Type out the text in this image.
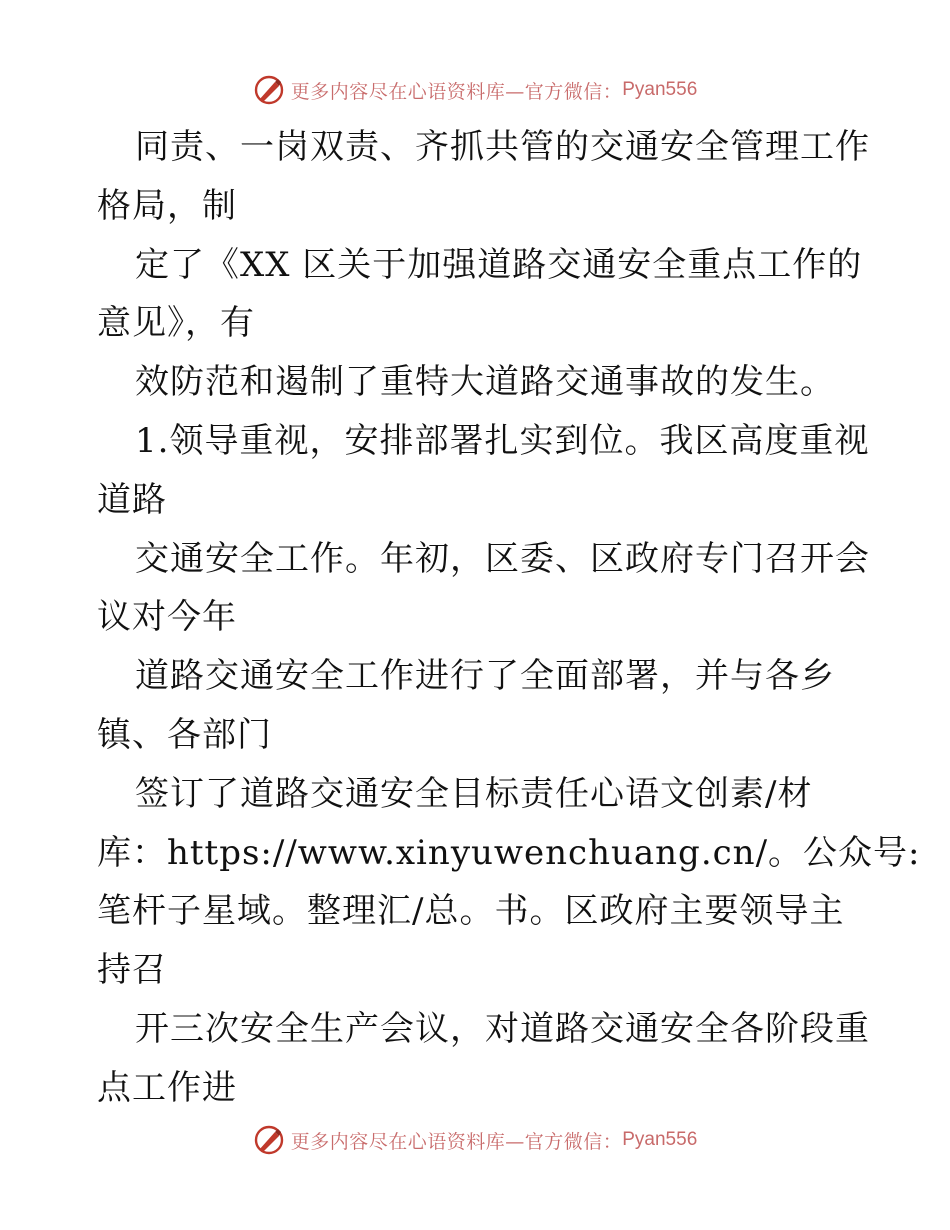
更多内容尽在心语资料库—官方微信： Pyan556
同责、一岗双责、齐抓共管的交通安全管理工作
格局，制
定了《XX 区关于加强道路交通安全重点工作的
意见》，有
效防范和遏制了重特大道路交通事故的发生。
1.领导重视，安排部署扎实到位。我区高度重视
道路
交通安全工作。年初，区委、区政府专门召开会
议对今年
道路交通安全工作进行了全面部署，并与各乡
镇、各部门
签订了道路交通安全目标责任心语文创素/材
库：https://www.xinyuwenchuang.cn/。公众号:
笔杆子星域。整理汇/总。书。区政府主要领导主
持召
开三次安全生产会议，对道路交通安全各阶段重
点工作进
更多内容尽在心语资料库—官方微信： Pyan556
